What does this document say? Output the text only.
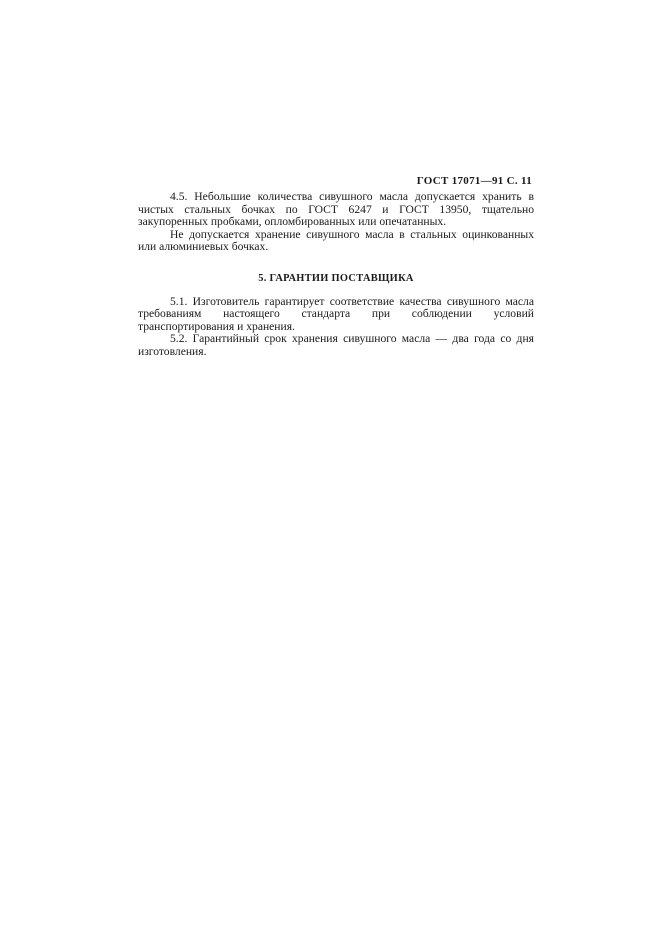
ГОСТ 17071—91 С. 11

4.5. Небольшие количества сивушного масла допускается хранить в чистых стальных бочках по ГОСТ 6247 и ГОСТ 13950, тщательно закупоренных пробками, опломбированных или опечатанных.

Не допускается хранение сивушного масла в стальных оцинкованных или алюминиевых бочках.

5. ГАРАНТИИ ПОСТАВЩИКА

5.1. Изготовитель гарантирует соответствие качества сивушного масла требованиям настоящего стандарта при соблюдении условий транспортирования и хранения.

5.2. Гарантийный срок хранения сивушного масла — два года со дня изготовления.
